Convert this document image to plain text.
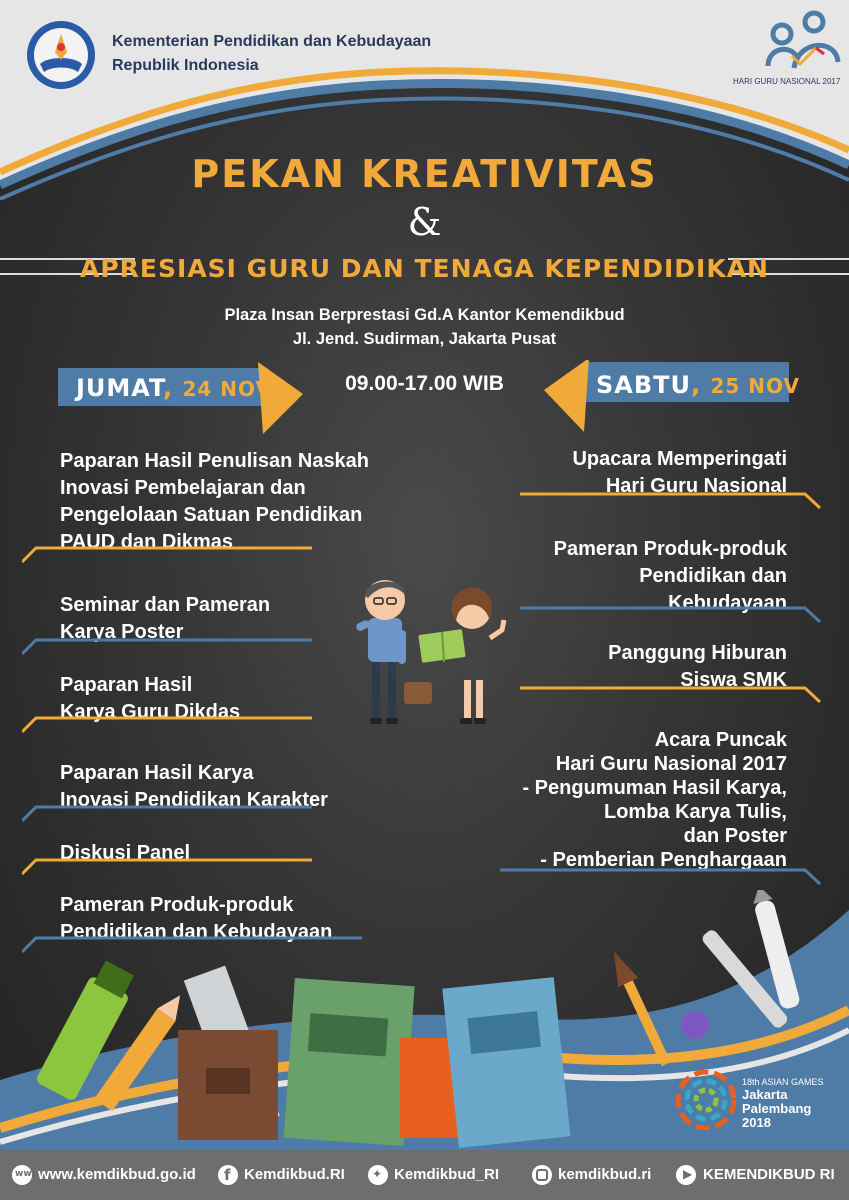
Kementerian Pendidikan dan Kebudayaan
Republik Indonesia
HARI GURU NASIONAL 2017
PEKAN KREATIVITAS
&
APRESIASI GURU DAN TENAGA KEPENDIDIKAN
Plaza Insan Berprestasi Gd.A Kantor Kemendikbud
Jl. Jend. Sudirman, Jakarta Pusat
JUMAT, 24 NOV	09.00-17.00 WIB	SABTU, 25 NOV
Paparan Hasil Penulisan Naskah
Inovasi Pembelajaran dan
Pengelolaan Satuan Pendidikan
PAUD dan Dikmas
Seminar dan Pameran
Karya Poster
Paparan Hasil
Karya Guru Dikdas
Paparan Hasil Karya
Inovasi Pendidikan Karakter
Diskusi Panel
Pameran Produk-produk
Pendidikan dan Kebudayaan
Upacara Memperingati
Hari Guru Nasional
Pameran Produk-produk
Pendidikan dan
Kebudayaan
Panggung Hiburan
Siswa SMK
Acara Puncak
Hari Guru Nasional 2017
- Pengumuman Hasil Karya,
Lomba Karya Tulis,
dan Poster
- Pemberian Penghargaan
18th ASIAN GAMES
Jakarta
Palembang
2018
www
www.kemdikbud.go.id f Kemdikbud.RI ✦ Kemdikbud_RI	kemdikbud.ri	▶ KEMENDIKBUD RI
